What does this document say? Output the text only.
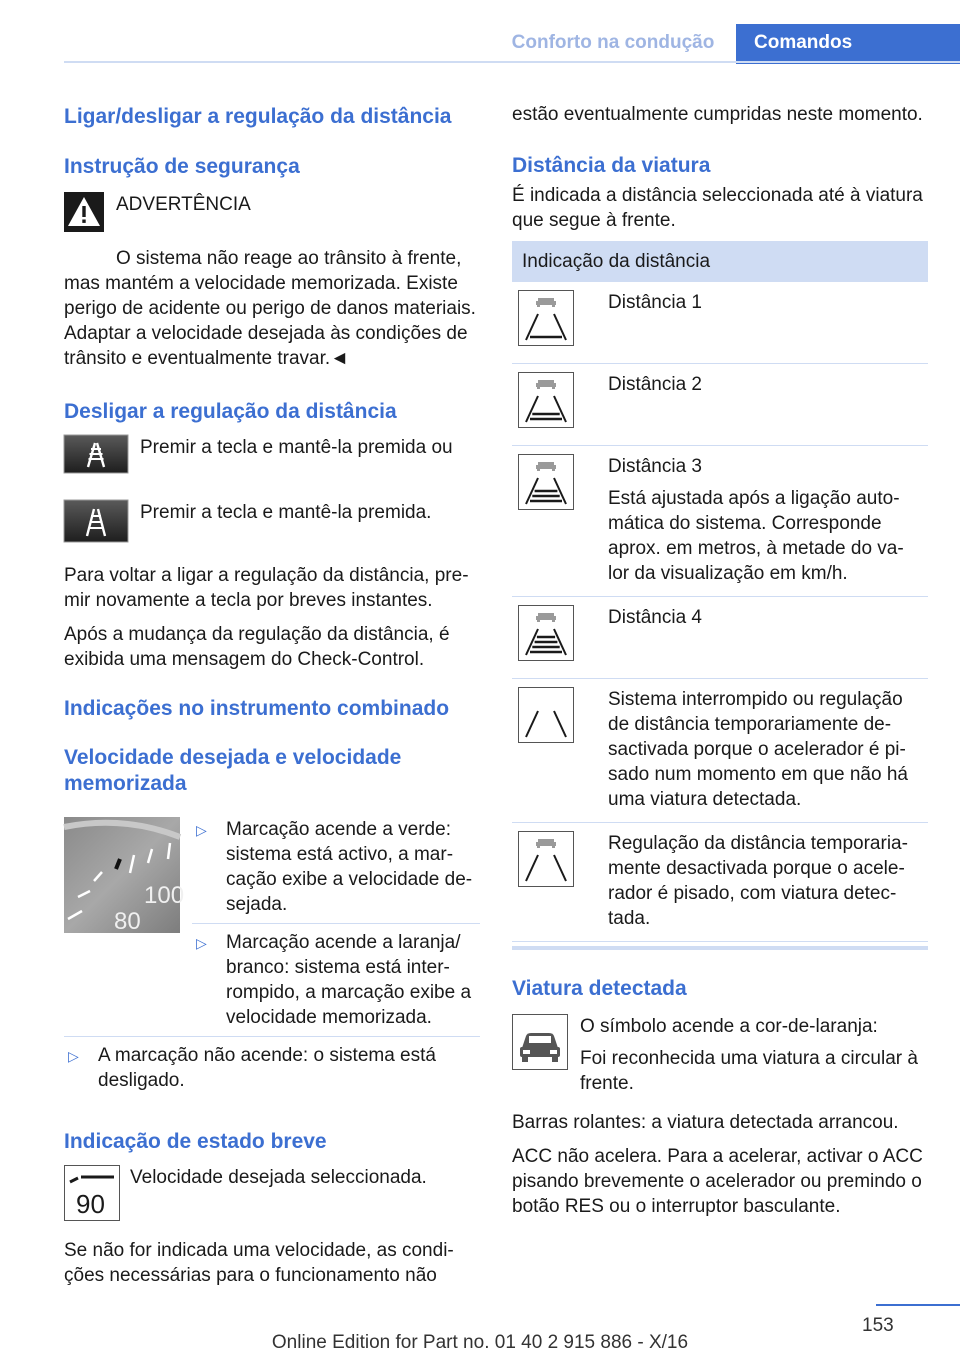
Conforto na condução	Comandos
Ligar/desligar a regulação da distância
Instrução de segurança
ADVERTÊNCIA

O sistema não reage ao trânsito à frente, mas mantém a velocidade memorizada. Existe perigo de acidente ou perigo de danos materiais. Adaptar a velocidade desejada às condições de trânsito e eventualmente travar.◄

Desligar a regulação da distância
Premir a tecla e mantê-la premida ou
Premir a tecla e mantê-la premida.

Para voltar a ligar a regulação da distância, premir novamente a tecla por breves instantes.

Após a mudança da regulação da distância, é exibida uma mensagem do Check-Control.

Indicações no instrumento combinado
Velocidade desejada e velocidade memorizada
100
80
▷ Marcação acende a verde: sistema está activo, a marcação exibe a velocidade desejada.
▷ Marcação acende a laranja/ branco: sistema está interrompido, a marcação exibe a velocidade memorizada.
▷ A marcação não acende: o sistema está desligado.
Indicação de estado breve
90
Velocidade desejada seleccionada.

Se não for indicada uma velocidade, as condições necessárias para o funcionamento não

estão eventualmente cumpridas neste momento.

Distância da viatura

É indicada a distância seleccionada até à viatura que segue à frente.

Indicação da distância	

Distância 1

Distância 2

Distância 3

Está ajustada após a ligação automática do sistema. Corresponde aprox. em metros, à metade do valor da visualização em km/h.

Distância 4

Sistema interrompido ou regulação de distância temporariamente desactivada porque o acelerador é pisado num momento em que não há uma viatura detectada.

Regulação da distância temporariamente desactivada porque o acelerador é pisado, com viatura detectada.

Viatura detectada

O símbolo acende a cor-de-laranja:

Foi reconhecida uma viatura a circular à frente.

Barras rolantes: a viatura detectada arrancou.

ACC não acelera. Para a acelerar, activar o ACC pisando brevemente o acelerador ou premindo o botão RES ou o interruptor basculante.

153
Online Edition for Part no. 01 40 2 915 886 - X/16
